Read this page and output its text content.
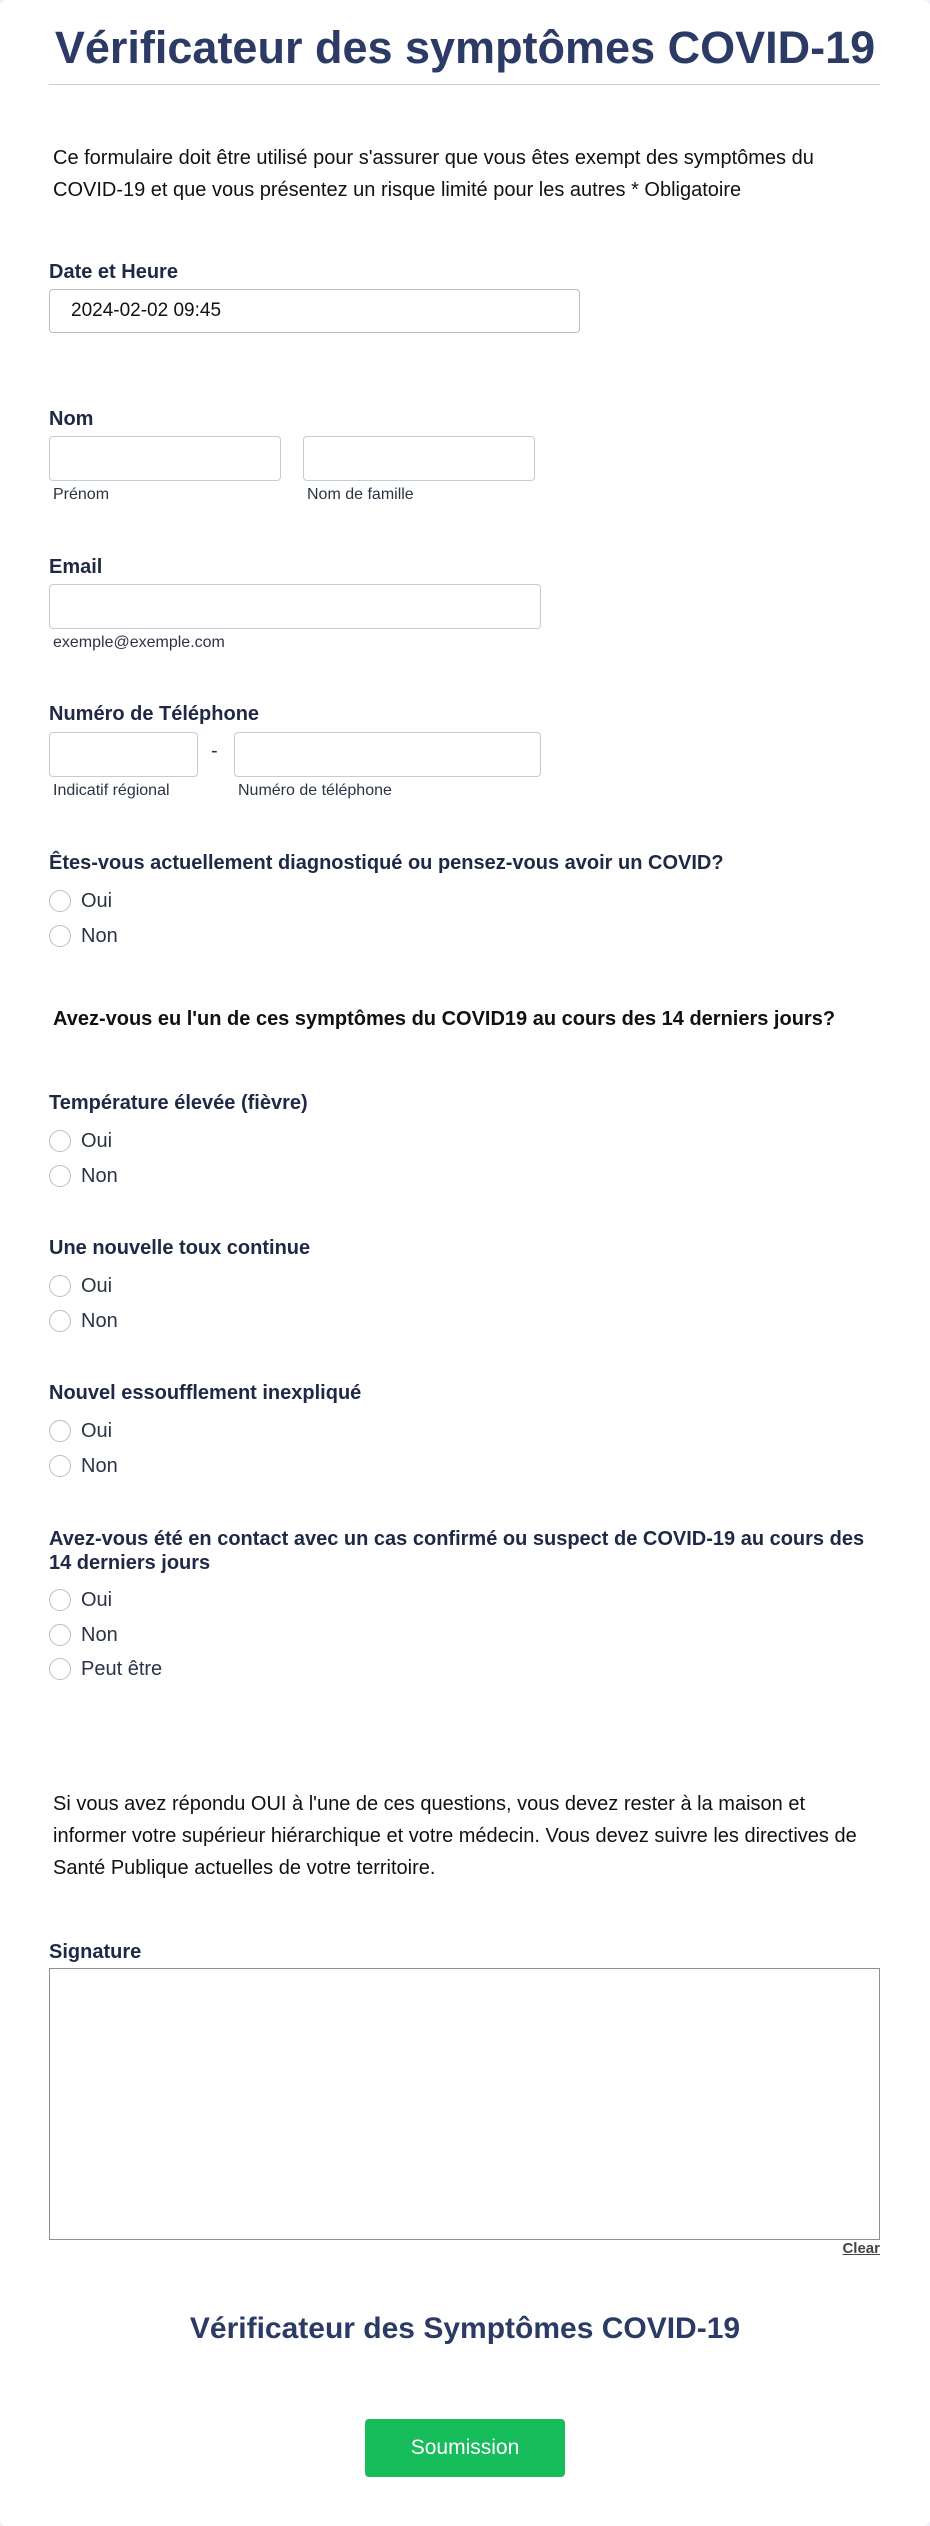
Vérificateur des symptômes COVID-19
Ce formulaire doit être utilisé pour s'assurer que vous êtes exempt des symptômes du COVID-19 et que vous présentez un risque limité pour les autres * Obligatoire
Date et Heure
2024-02-02 09:45
Nom
Prénom	Nom de famille
Email
exemple@exemple.com
Numéro de Téléphone
-
Indicatif régional	Numéro de téléphone
Êtes-vous actuellement diagnostiqué ou pensez-vous avoir un COVID?
Oui
Non
Avez-vous eu l'un de ces symptômes du COVID19 au cours des 14 derniers jours?
Température élevée (fièvre)
Oui
Non
Une nouvelle toux continue
Oui
Non
Nouvel essoufflement inexpliqué
Oui
Non
Avez-vous été en contact avec un cas confirmé ou suspect de COVID-19 au cours des 14 derniers jours
Oui
Non
Peut être
Si vous avez répondu OUI à l'une de ces questions, vous devez rester à la maison et informer votre supérieur hiérarchique et votre médecin. Vous devez suivre les directives de Santé Publique actuelles de votre territoire.
Signature
Clear
Vérificateur des Symptômes COVID-19
Soumission
